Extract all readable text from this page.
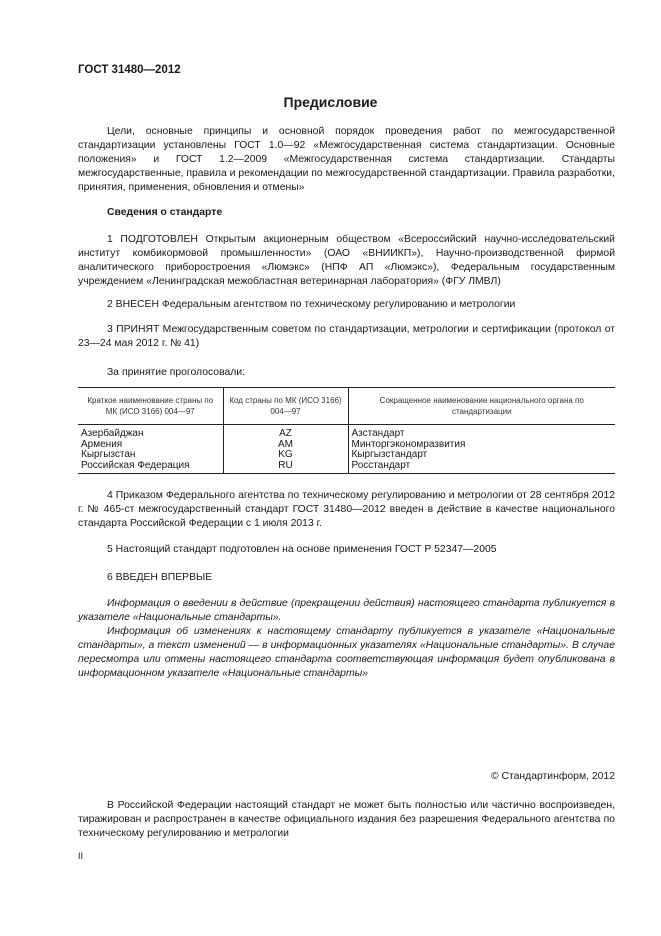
ГОСТ 31480—2012
Предисловие

Цели, основные принципы и основной порядок проведения работ по межгосударственной стандартизации установлены ГОСТ 1.0—92 «Межгосударственная система стандартизации. Основные положения» и ГОСТ 1.2—2009 «Межгосударственная система стандартизации. Стандарты межгосударственные, правила и рекомендации по межгосударственной стандартизации. Правила разработки, принятия, применения, обновления и отмены»

Сведения о стандарте

1 ПОДГОТОВЛЕН Открытым акционерным обществом «Всероссийский научно-исследовательский институт комбикормовой промышленности» (ОАО «ВНИИКП»), Научно-производственной фирмой аналитического приборостроения «Люмэкс» (НПФ АП «Люмэкс»), Федеральным государственным учреждением «Ленинградская межобластная ветеринарная лаборатория» (ФГУ ЛМВЛ)

2 ВНЕСЕН Федеральным агентством по техническому регулированию и метрологии

3 ПРИНЯТ Межгосударственным советом по стандартизации, метрологии и сертификации (протокол от 23—24 мая 2012 г. № 41)

За принятие проголосовали:

Краткое наименование страны по МК (ИСО 3166) 004—97	Код страны по МК (ИСО 3166) 004—97	Сокращенное наименование национального органа по стандартизации
Азербайджан	AZ	Азстандарт
Армения	AM	Минторгэкономразвития
Кыргызстан	KG	Кыргызстандарт
Российская Федерация	RU	Росстандарт

4 Приказом Федерального агентства по техническому регулированию и метрологии от 28 сентября 2012 г. № 465-ст межгосударственный стандарт ГОСТ 31480—2012 введен в действие в качестве национального стандарта Российской Федерации с 1 июля 2013 г.

5 Настоящий стандарт подготовлен на основе применения ГОСТ Р 52347—2005

6 ВВЕДЕН ВПЕРВЫЕ

Информация о введении в действие (прекращении действия) настоящего стандарта публикуется в указателе «Национальные стандарты».

Информация об изменениях к настоящему стандарту публикуется в указателе «Национальные стандарты», а текст изменений — в информационных указателях «Национальные стандарты». В случае пересмотра или отмены настоящего стандарта соответствующая информация будет опубликована в информационном указателе «Национальные стандарты»

© Стандартинформ, 2012

В Российской Федерации настоящий стандарт не может быть полностью или частично воспроизведен, тиражирован и распространен в качестве официального издания без разрешения Федерального агентства по техническому регулированию и метрологии

II
